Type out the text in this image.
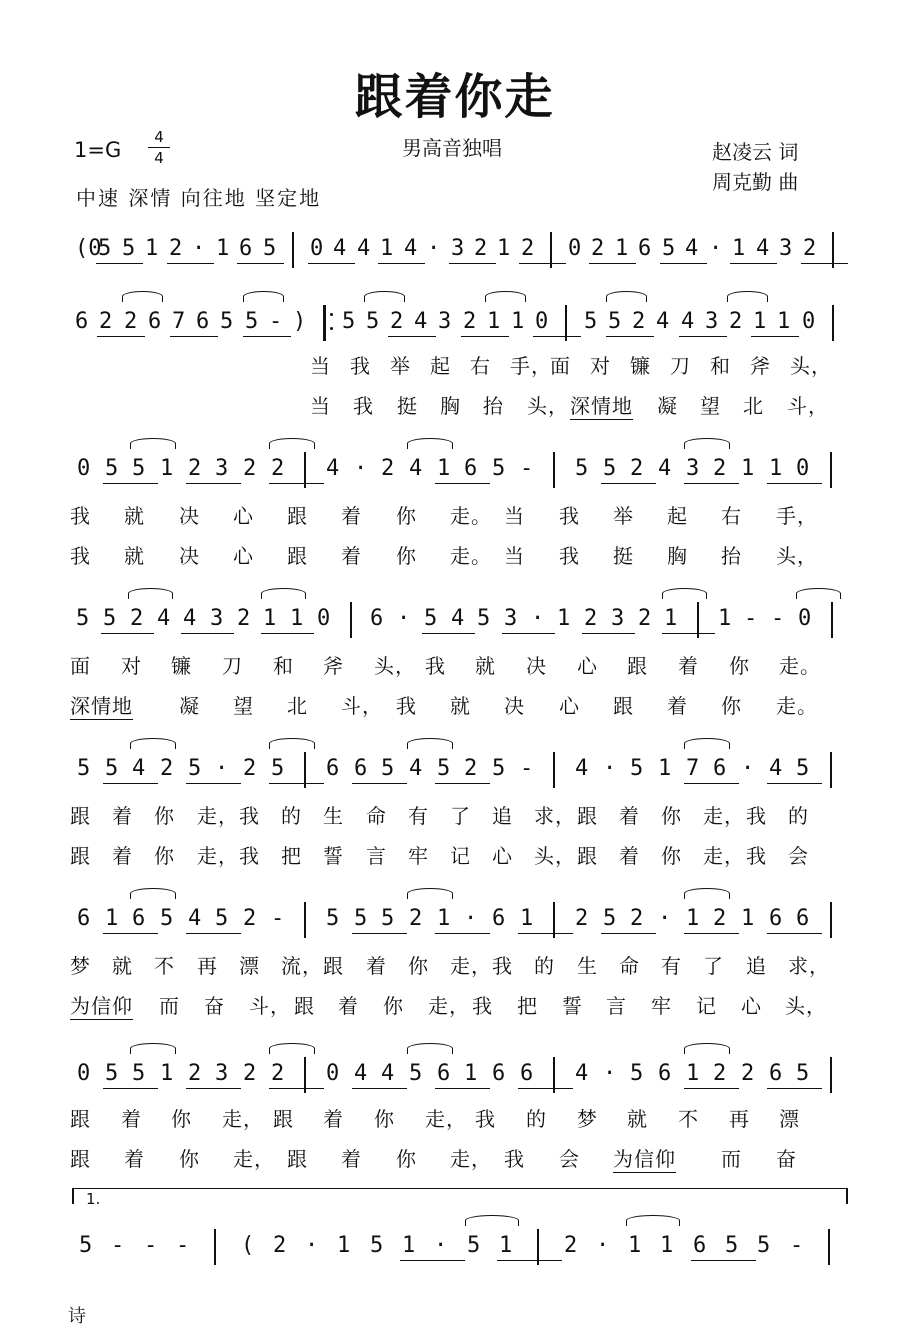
跟着你走
1=G
4
4	男高音独唱
中速 深情 向往地 坚定地
赵凌云 词
周克勤 曲
(0
5 5 1 2 · 1 6 5 0 4 4 1 4 · 3 2 1 2 0 2 1 6 5 4 · 1 4 3 2
6 2 2 6 7 6 5 5 - ) 5 5 2 4 3 2 1 1 0 5 5 2 4 4 3 2 1 1 0
当 我 举 起 右 手，
面 对 镰 刀 和 斧 头，
当 我 挺 胸 抬 头， 深情地 凝 望 北 斗，
0 5 5 1 2 3 2 2 4 · 2 4 1 6 5 - 5 5 2 4 3 2 1 1 0
我 就 决 心 跟 着 你 走。 当 我 举 起 右 手，
我 就 决 心 跟 着 你 走。 当 我 挺 胸 抬 头，
5 5 2 4 4 3 2 1 1 0 6 · 5 4 5 3 · 1 2 3 2 1 1 - - 0
面 对 镰 刀 和 斧 头， 我 就 决 心 跟 着 你 走。
深情地 凝 望 北 斗， 我 就 决 心 跟 着 你 走。
5 5 4 2 5 · 2 5 6 6 5 4 5 2 5 - 4 · 5 1 7 6 · 4 5
跟 着 你 走， 我 的 生 命 有 了 追 求， 跟 着 你 走， 我 的
跟 着 你 走， 我 把 誓 言 牢 记 心 头， 跟 着 你 走， 我 会
6 1 6 5 4 5 2 - 5 5 5 2 1 · 6 1 2 5 2 · 1 2 1 6 6
梦 就 不 再 漂 流， 跟 着 你 走， 我 的 生 命 有 了 追 求，
为信仰 而 奋 斗， 跟 着 你 走， 我 把 誓 言 牢 记 心 头，
0 5 5 1 2 3 2 2 0 4 4 5 6 1 6 6 4 · 5 6 1 2 2 6 5
跟 着 你 走， 跟 着 你 走， 我 的 梦 就 不 再 漂
跟 着 你 走， 跟 着 你 走， 我 会 为信仰 而 奋
5 - - - ( 2 · 1 5 1 · 5 1 2 · 1 1 6 5 5 -
1.
诗
